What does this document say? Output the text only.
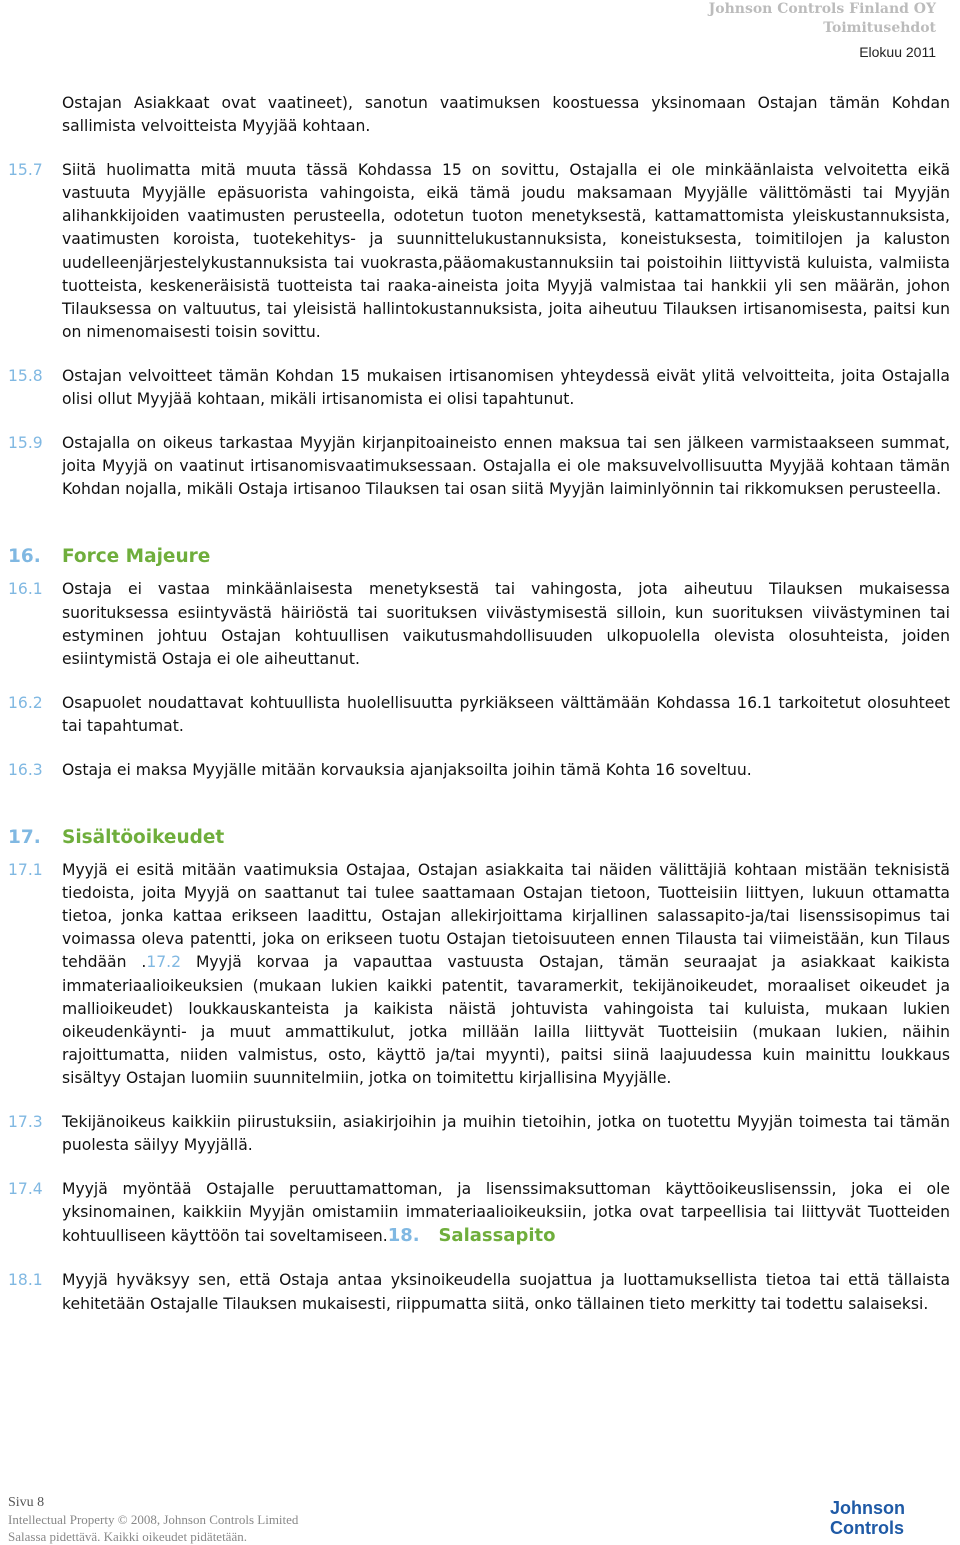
Johnson Controls Finland OY
Toimitusehdot
Elokuu 2011
Ostajan Asiakkaat ovat vaatineet), sanotun vaatimuksen koostuessa yksinomaan Ostajan tämän Kohdan sallimista velvoitteista Myyjää kohtaan.
15.7 Siitä huolimatta mitä muuta tässä Kohdassa 15 on sovittu, Ostajalla ei ole minkäänlaista velvoitetta eikä vastuuta Myyjälle epäsuorista vahingoista, eikä tämä joudu maksamaan Myyjälle välittömästi tai Myyjän alihankkijoiden vaatimusten perusteella, odotetun tuoton menetyksestä, kattamattomista yleiskustannuksista, vaatimusten koroista, tuotekehitys- ja suunnittelukustannuksista, koneistuksesta, toimitilojen ja kaluston uudelleenjärjestelykustannuksista tai vuokrasta,pääomakustannuksiin tai poistoihin liittyvistä kuluista, valmiista tuotteista, keskeneräisistä tuotteista tai raaka-aineista joita Myyjä valmistaa tai hankkii yli sen määrän, johon Tilauksessa on valtuutus, tai yleisistä hallintokustannuksista, joita aiheutuu Tilauksen irtisanomisesta, paitsi kun on nimenomaisesti toisin sovittu.
15.8 Ostajan velvoitteet tämän Kohdan 15 mukaisen irtisanomisen yhteydessä eivät ylitä velvoitteita, joita Ostajalla olisi ollut Myyjää kohtaan, mikäli irtisanomista ei olisi tapahtunut.
15.9 Ostajalla on oikeus tarkastaa Myyjän kirjanpitoaineisto ennen maksua tai sen jälkeen varmistaakseen summat, joita Myyjä on vaatinut irtisanomisvaatimuksessaan. Ostajalla ei ole maksuvelvollisuutta Myyjää kohtaan tämän Kohdan nojalla, mikäli Ostaja irtisanoo Tilauksen tai osan siitä Myyjän laiminlyönnin tai rikkomuksen perusteella.
16.	Force Majeure
16.1 Ostaja ei vastaa minkäänlaisesta menetyksestä tai vahingosta, jota aiheutuu Tilauksen mukaisessa suorituksessa esiintyvästä häiriöstä tai suorituksen viivästymisestä silloin, kun suorituksen viivästyminen tai estyminen johtuu Ostajan kohtuullisen vaikutusmahdollisuuden ulkopuolella olevista olosuhteista, joiden esiintymistä Ostaja ei ole aiheuttanut.
16.2 Osapuolet noudattavat kohtuullista huolellisuutta pyrkiäkseen välttämään Kohdassa 16.1 tarkoitetut olosuhteet tai tapahtumat.
16.3 Ostaja ei maksa Myyjälle mitään korvauksia ajanjaksoilta joihin tämä Kohta 16 soveltuu.
17.	Sisältöoikeudet
17.1 Myyjä ei esitä mitään vaatimuksia Ostajaa, Ostajan asiakkaita tai näiden välittäjiä kohtaan mistään teknisistä tiedoista, joita Myyjä on saattanut tai tulee saattamaan Ostajan tietoon, Tuotteisiin liittyen, lukuun ottamatta tietoa, jonka kattaa erikseen laadittu, Ostajan allekirjoittama kirjallinen salassapito-ja/tai lisenssisopimus tai voimassa oleva patentti, joka on erikseen tuotu Ostajan tietoisuuteen ennen Tilausta tai viimeistään, kun Tilaus tehdään .17.2 Myyjä korvaa ja vapauttaa vastuusta Ostajan, tämän seuraajat ja asiakkaat kaikista immateriaalioikeuksien (mukaan lukien kaikki patentit, tavaramerkit, tekijänoikeudet, moraaliset oikeudet ja mallioikeudet) loukkauskanteista ja kaikista näistä johtuvista vahingoista tai kuluista, mukaan lukien oikeudenkäynti- ja muut ammattikulut, jotka millään lailla liittyvät Tuotteisiin (mukaan lukien, näihin rajoittumatta, niiden valmistus, osto, käyttö ja/tai myynti), paitsi siinä laajuudessa kuin mainittu loukkaus sisältyy Ostajan luomiin suunnitelmiin, jotka on toimitettu kirjallisina Myyjälle.
17.3 Tekijänoikeus kaikkiin piirustuksiin, asiakirjoihin ja muihin tietoihin, jotka on tuotettu Myyjän toimesta tai tämän puolesta säilyy Myyjällä.
17.4 Myyjä myöntää Ostajalle peruuttamattoman, ja lisenssimaksuttoman käyttöoikeuslisenssin, joka ei ole yksinomainen, kaikkiin Myyjän omistamiin immateriaalioikeuksiin, jotka ovat tarpeellisia tai liittyvät Tuotteiden kohtuulliseen käyttöön tai soveltamiseen.18. Salassapito
18.1 Myyjä hyväksyy sen, että Ostaja antaa yksinoikeudella suojattua ja luottamuksellista tietoa tai että tällaista kehitetään Ostajalle Tilauksen mukaisesti, riippumatta siitä, onko tällainen tieto merkitty tai todettu salaiseksi.
Sivu 8
Intellectual Property © 2008, Johnson Controls Limited
Salassa pidettävä. Kaikki oikeudet pidätetään.
Johnson
Controls
